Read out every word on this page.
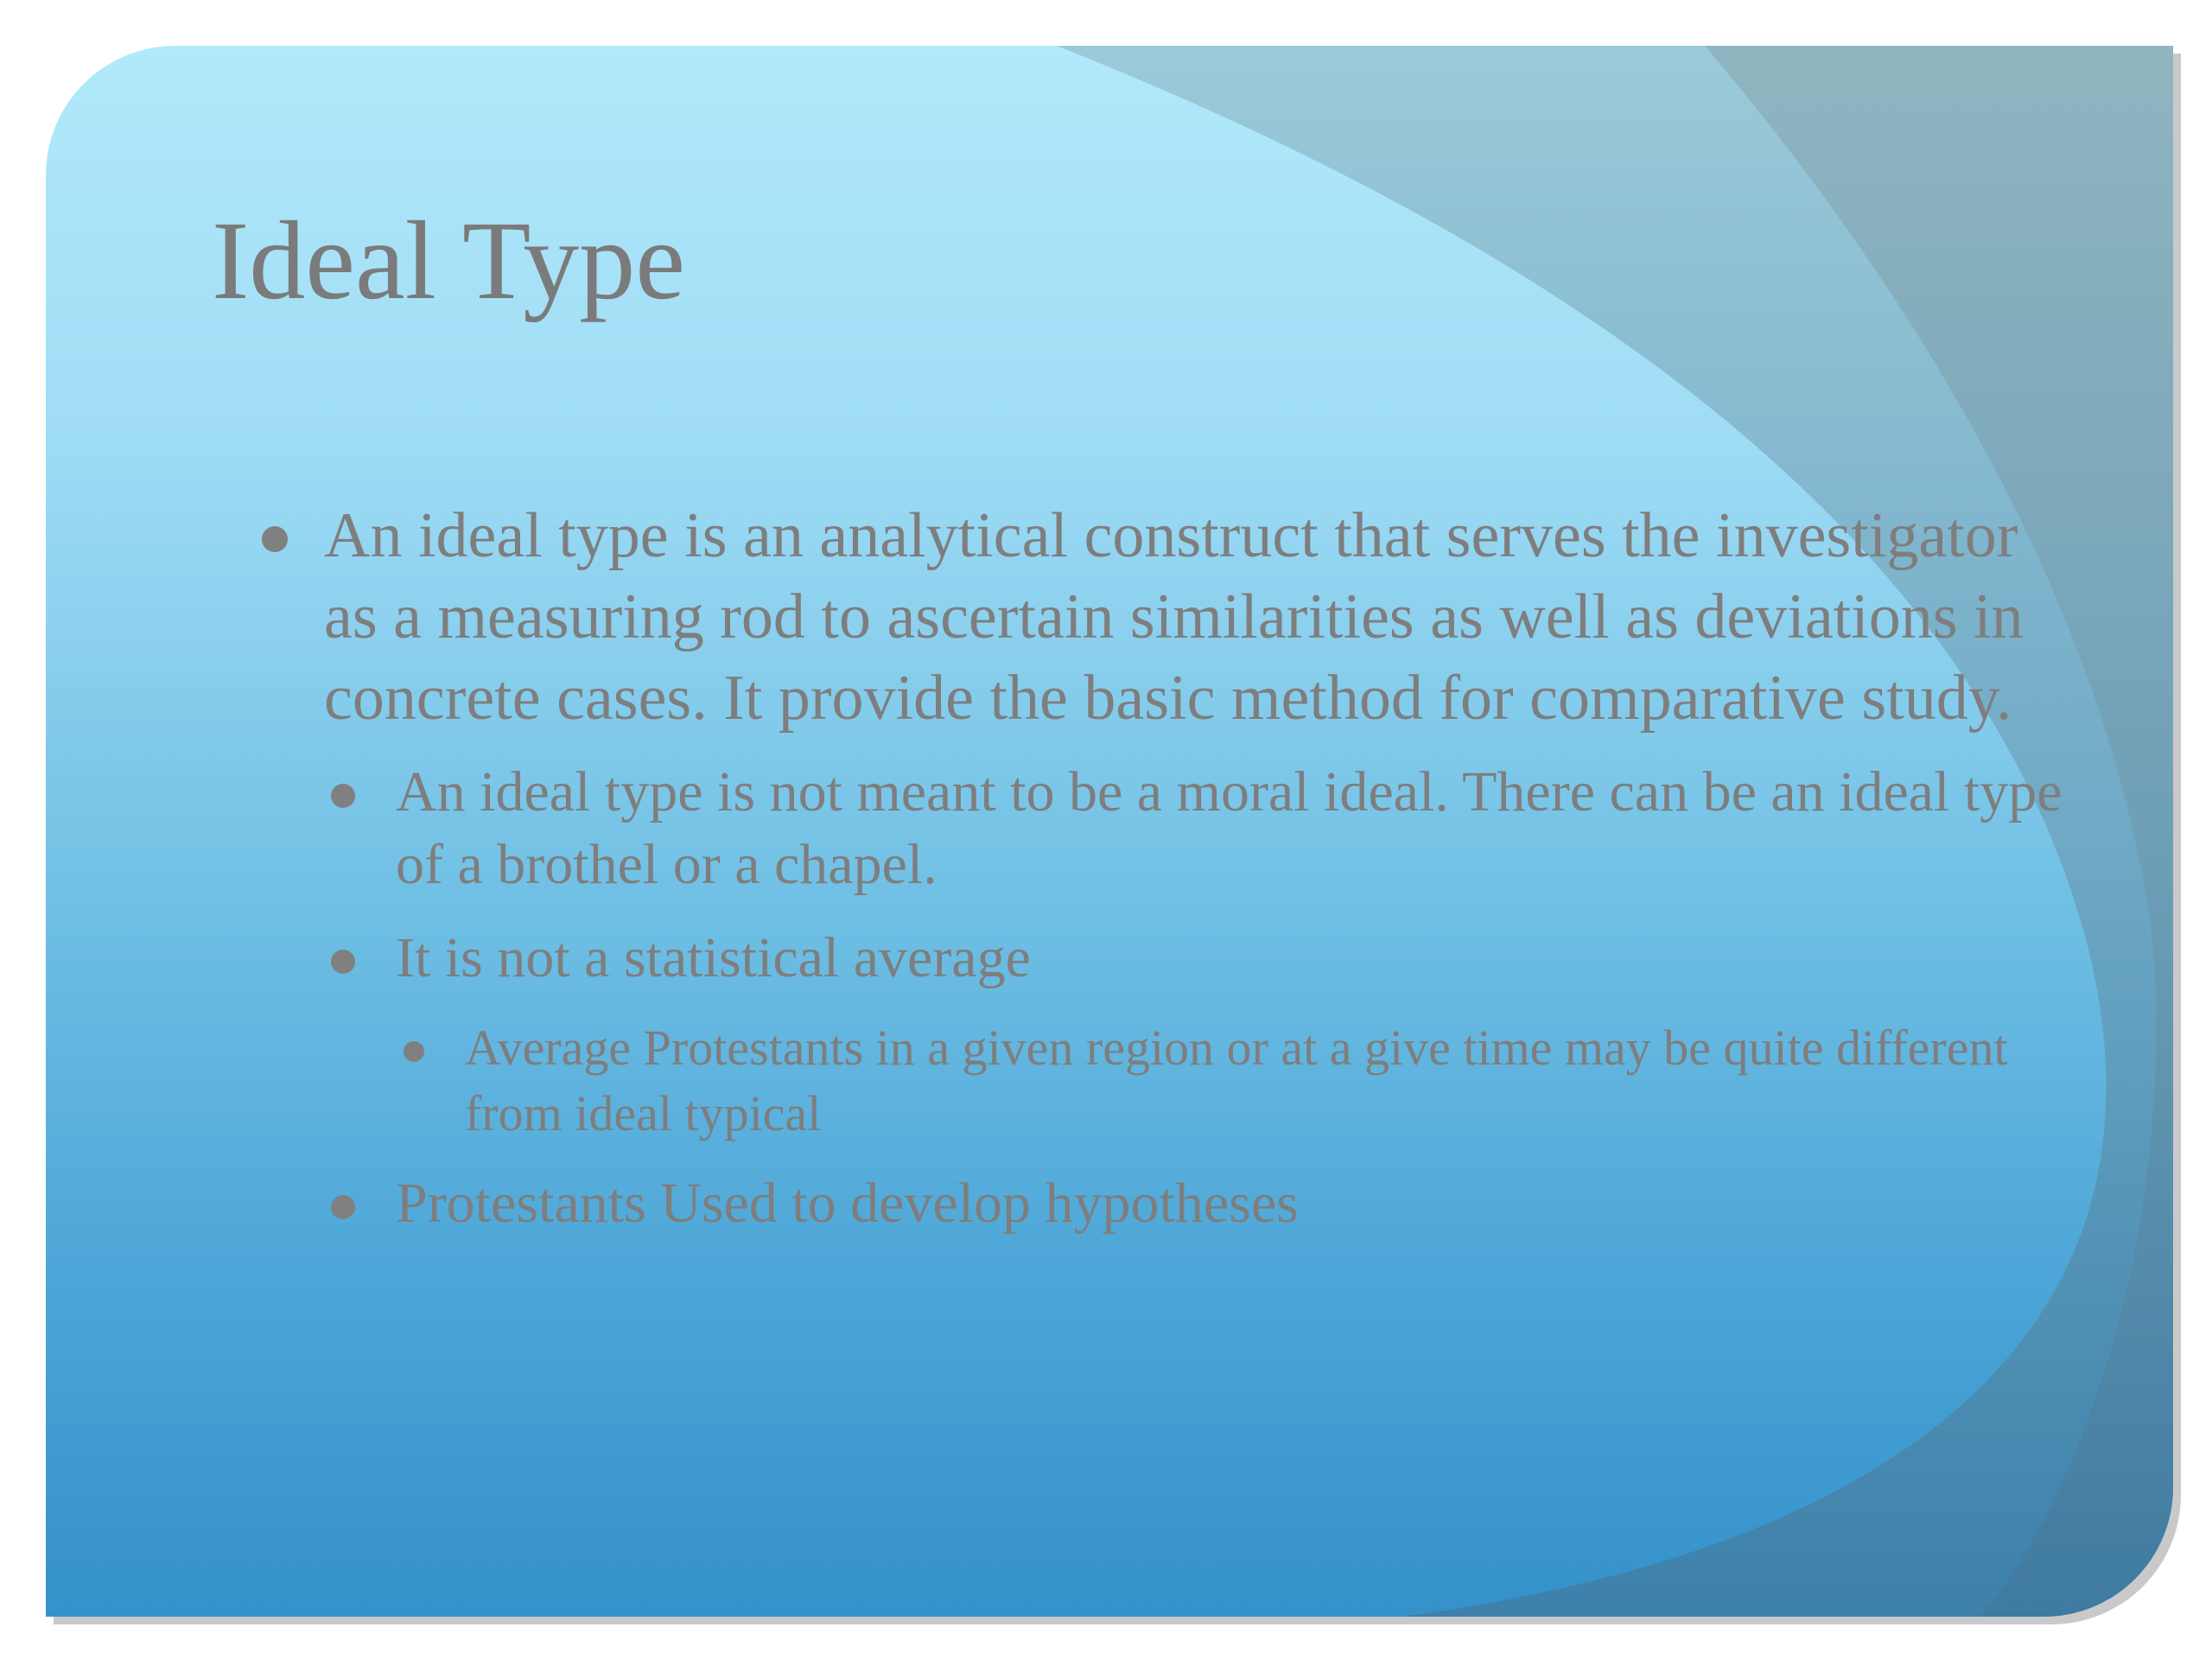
Ideal Type
An ideal type is an analytical construct that serves the investigator as a measuring rod to ascertain similarities as well as deviations in concrete cases. It provide the basic method for comparative study.
An ideal type is not meant to be a moral ideal. There can be an ideal type of a brothel or a chapel.
It is not a statistical average
Average Protestants in a given region or at a give time may be quite different from ideal typical
Protestants Used to develop hypotheses
